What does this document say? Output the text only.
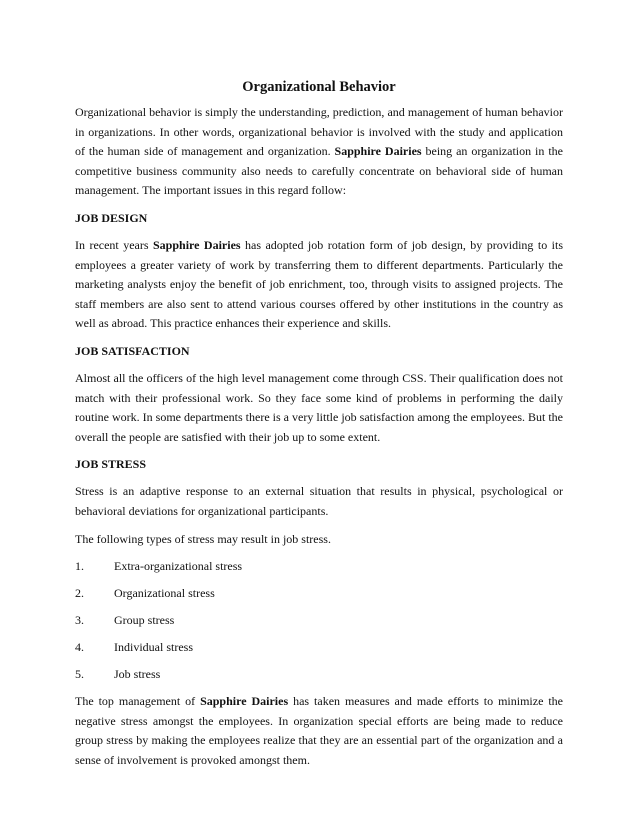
Organizational Behavior

Organizational behavior is simply the understanding, prediction, and management of human behavior in organizations. In other words, organizational behavior is involved with the study and application of the human side of management and organization. Sapphire Dairies being an organization in the competitive business community also needs to carefully concentrate on behavioral side of human management. The important issues in this regard follow:

JOB DESIGN

In recent years Sapphire Dairies has adopted job rotation form of job design, by providing to its employees a greater variety of work by transferring them to different departments. Particularly the marketing analysts enjoy the benefit of job enrichment, too, through visits to assigned projects. The staff members are also sent to attend various courses offered by other institutions in the country as well as abroad. This practice enhances their experience and skills.

JOB SATISFACTION

Almost all the officers of the high level management come through CSS. Their qualification does not match with their professional work. So they face some kind of problems in performing the daily routine work. In some departments there is a very little job satisfaction among the employees. But the overall the people are satisfied with their job up to some extent.

JOB STRESS

Stress is an adaptive response to an external situation that results in physical, psychological or behavioral deviations for organizational participants.

The following types of stress may result in job stress.

1.	Extra-organizational stress
2.	Organizational stress
3.	Group stress
4.	Individual stress
5.	Job stress

The top management of Sapphire Dairies has taken measures and made efforts to minimize the negative stress amongst the employees. In organization special efforts are being made to reduce group stress by making the employees realize that they are an essential part of the organization and a sense of involvement is provoked amongst them.
